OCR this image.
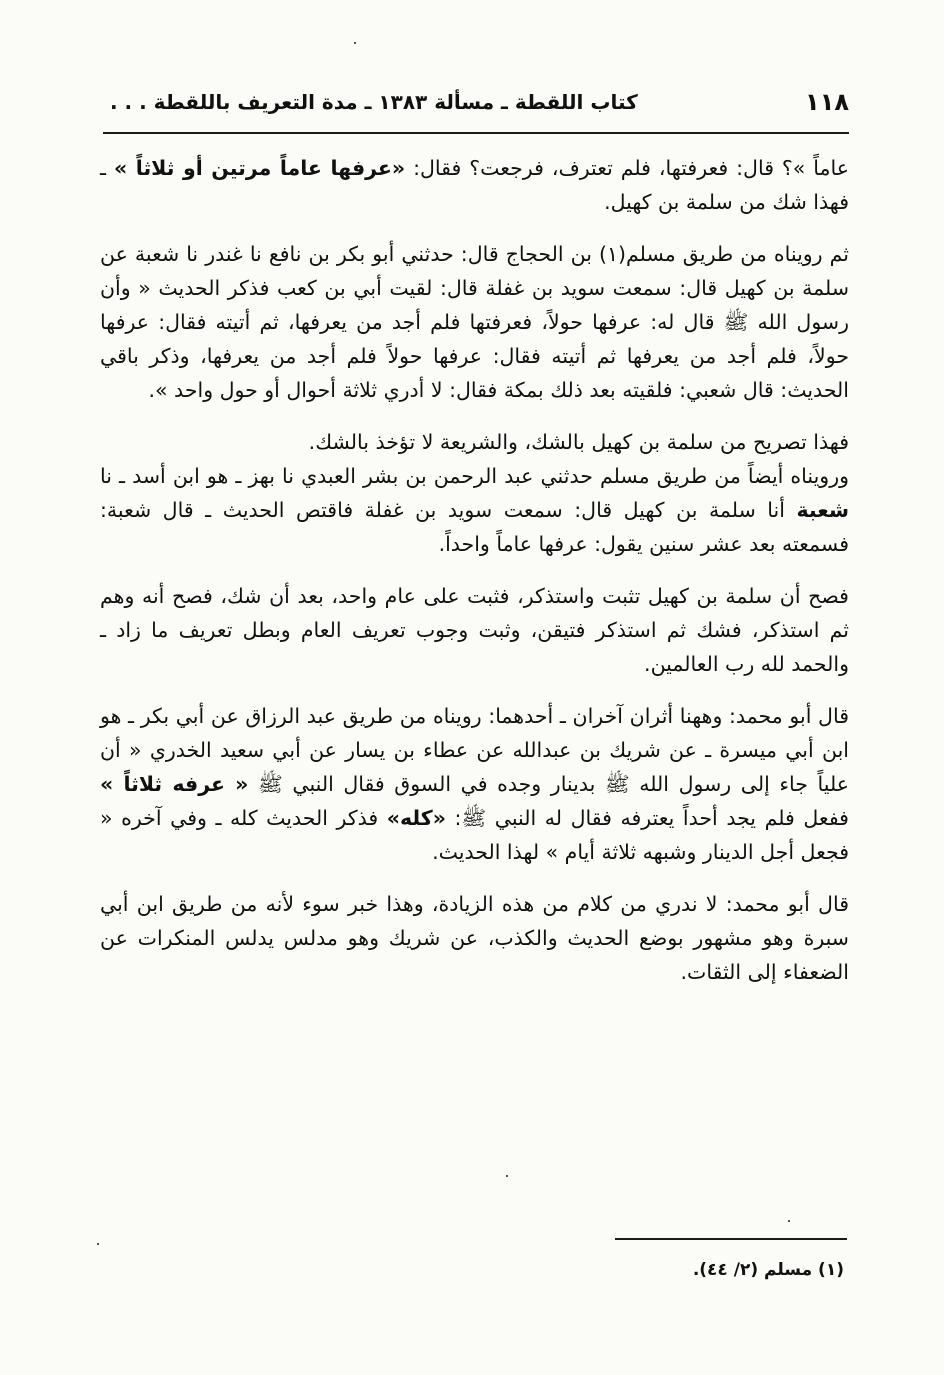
١١٨
كتاب اللقطة ـ مسألة ١٣٨٣ ـ مدة التعريف باللقطة . . .

عاماً »؟ قال: فعرفتها، فلم تعترف، فرجعت؟ فقال: «عرفها عاماً مرتين أو ثلاثاً » ـ فهذا شك من سلمة بن كهيل.

ثم رويناه من طريق مسلم(١) بن الحجاج قال: حدثني أبو بكر بن نافع نا غندر نا شعبة عن سلمة بن كهيل قال: سمعت سويد بن غفلة قال: لقيت أبي بن كعب فذكر الحديث « وأن رسول الله ﷺ قال له: عرفها حولاً، فعرفتها فلم أجد من يعرفها، ثم أتيته فقال: عرفها حولاً، فلم أجد من يعرفها ثم أتيته فقال: عرفها حولاً فلم أجد من يعرفها، وذكر باقي الحديث: قال شعبي: فلقيته بعد ذلك بمكة فقال: لا أدري ثلاثة أحوال أو حول واحد ».

فهذا تصريح من سلمة بن كهيل بالشك، والشريعة لا تؤخذ بالشك.

ورويناه أيضاً من طريق مسلم حدثني عبد الرحمن بن بشر العبدي نا بهز ـ هو ابن أسد ـ نا شعبة أنا سلمة بن كهيل قال: سمعت سويد بن غفلة فاقتص الحديث ـ قال شعبة: فسمعته بعد عشر سنين يقول: عرفها عاماً واحداً.

فصح أن سلمة بن كهيل تثبت واستذكر، فثبت على عام واحد، بعد أن شك، فصح أنه وهم ثم استذكر، فشك ثم استذكر فتيقن، وثبت وجوب تعريف العام وبطل تعريف ما زاد ـ والحمد لله رب العالمين.

قال أبو محمد: وههنا أثران آخران ـ أحدهما: رويناه من طريق عبد الرزاق عن أبي بكر ـ هو ابن أبي ميسرة ـ عن شريك بن عبدالله عن عطاء بن يسار عن أبي سعيد الخدري « أن علياً جاء إلى رسول الله ﷺ بدينار وجده في السوق فقال النبي ﷺ « عرفه ثلاثاً » ففعل فلم يجد أحداً يعترفه فقال له النبي ﷺ: «كله» فذكر الحديث كله ـ وفي آخره « فجعل أجل الدينار وشبهه ثلاثة أيام » لهذا الحديث.

قال أبو محمد: لا ندري من كلام من هذه الزيادة، وهذا خبر سوء لأنه من طريق ابن أبي سبرة وهو مشهور بوضع الحديث والكذب، عن شريك وهو مدلس يدلس المنكرات عن الضعفاء إلى الثقات.

(١) مسلم (٢/ ٤٤).
